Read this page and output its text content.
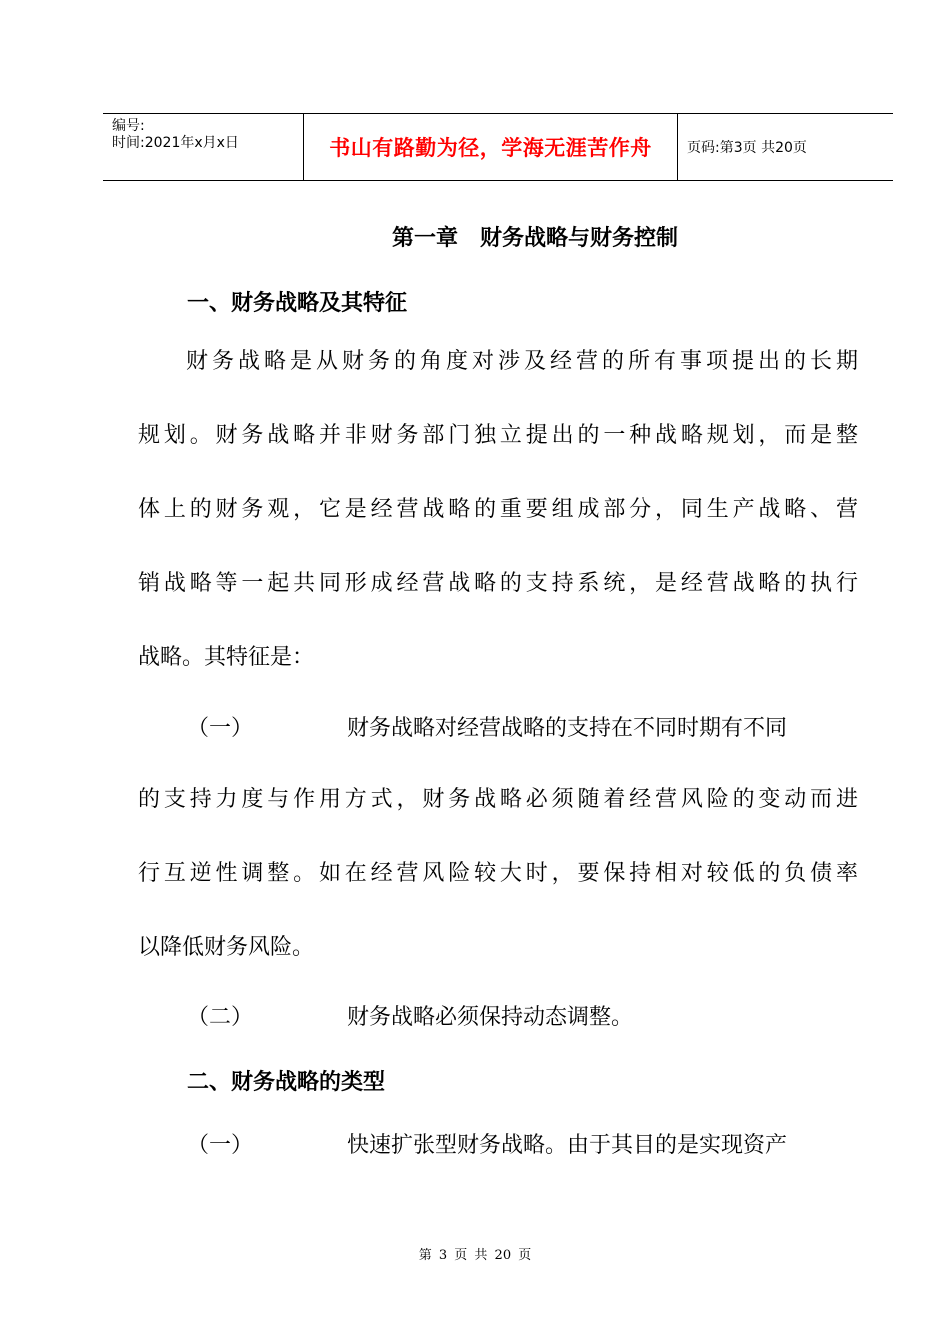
编号:
时间:2021年x月x日	书山有路勤为径，学海无涯苦作舟	页码:第3页 共20页
第一章　财务战略与财务控制
一、财务战略及其特征
财务战略是从财务的角度对涉及经营的所有事项提出的长期
规划。财务战略并非财务部门独立提出的一种战略规划，而是整
体上的财务观，它是经营战略的重要组成部分，同生产战略、营
销战略等一起共同形成经营战略的支持系统，是经营战略的执行
战略。其特征是：
（一）	财务战略对经营战略的支持在不同时期有不同
的支持力度与作用方式，财务战略必须随着经营风险的变动而进
行互逆性调整。如在经营风险较大时，要保持相对较低的负债率
以降低财务风险。
（二）	财务战略必须保持动态调整。
二、财务战略的类型
（一）	快速扩张型财务战略。由于其目的是实现资产
第 3 页 共 20 页
